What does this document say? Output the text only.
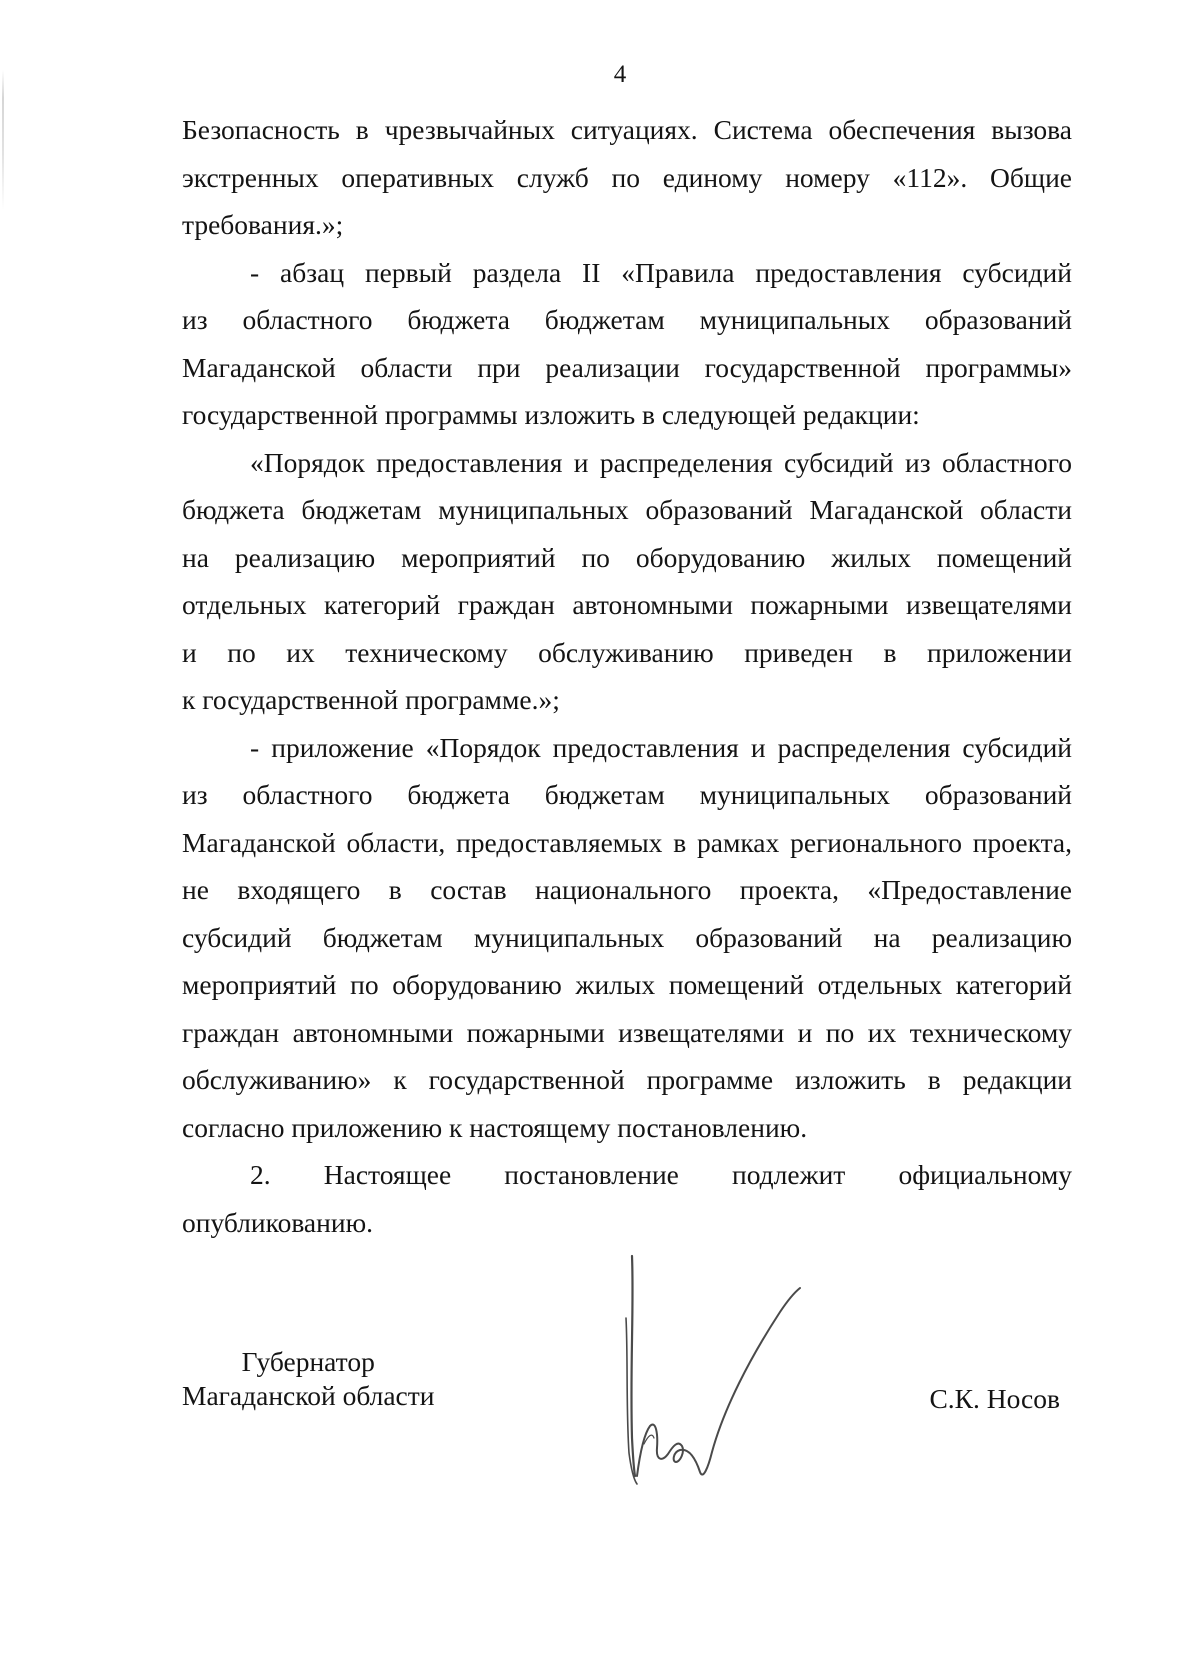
4

Безопасность в чрезвычайных ситуациях. Система обеспечения вызова

экстренных оперативных служб по единому номеру «112». Общие

требования.»;

- абзац первый раздела II «Правила предоставления субсидий

из областного бюджета бюджетам муниципальных образований

Магаданской области при реализации государственной программы»

государственной программы изложить в следующей редакции:

«Порядок предоставления и распределения субсидий из областного

бюджета бюджетам муниципальных образований Магаданской области

на реализацию мероприятий по оборудованию жилых помещений

отдельных категорий граждан автономными пожарными извещателями

и по их техническому обслуживанию приведен в приложении

к государственной программе.»;

- приложение «Порядок предоставления и распределения субсидий

из областного бюджета бюджетам муниципальных образований

Магаданской области, предоставляемых в рамках регионального проекта,

не входящего в состав национального проекта, «Предоставление

субсидий бюджетам муниципальных образований на реализацию

мероприятий по оборудованию жилых помещений отдельных категорий

граждан автономными пожарными извещателями и по их техническому

обслуживанию» к государственной программе изложить в редакции

согласно приложению к настоящему постановлению.

2. Настоящее постановление подлежит официальному

опубликованию.

Губернатор
Магаданской области	С.К. Носов
